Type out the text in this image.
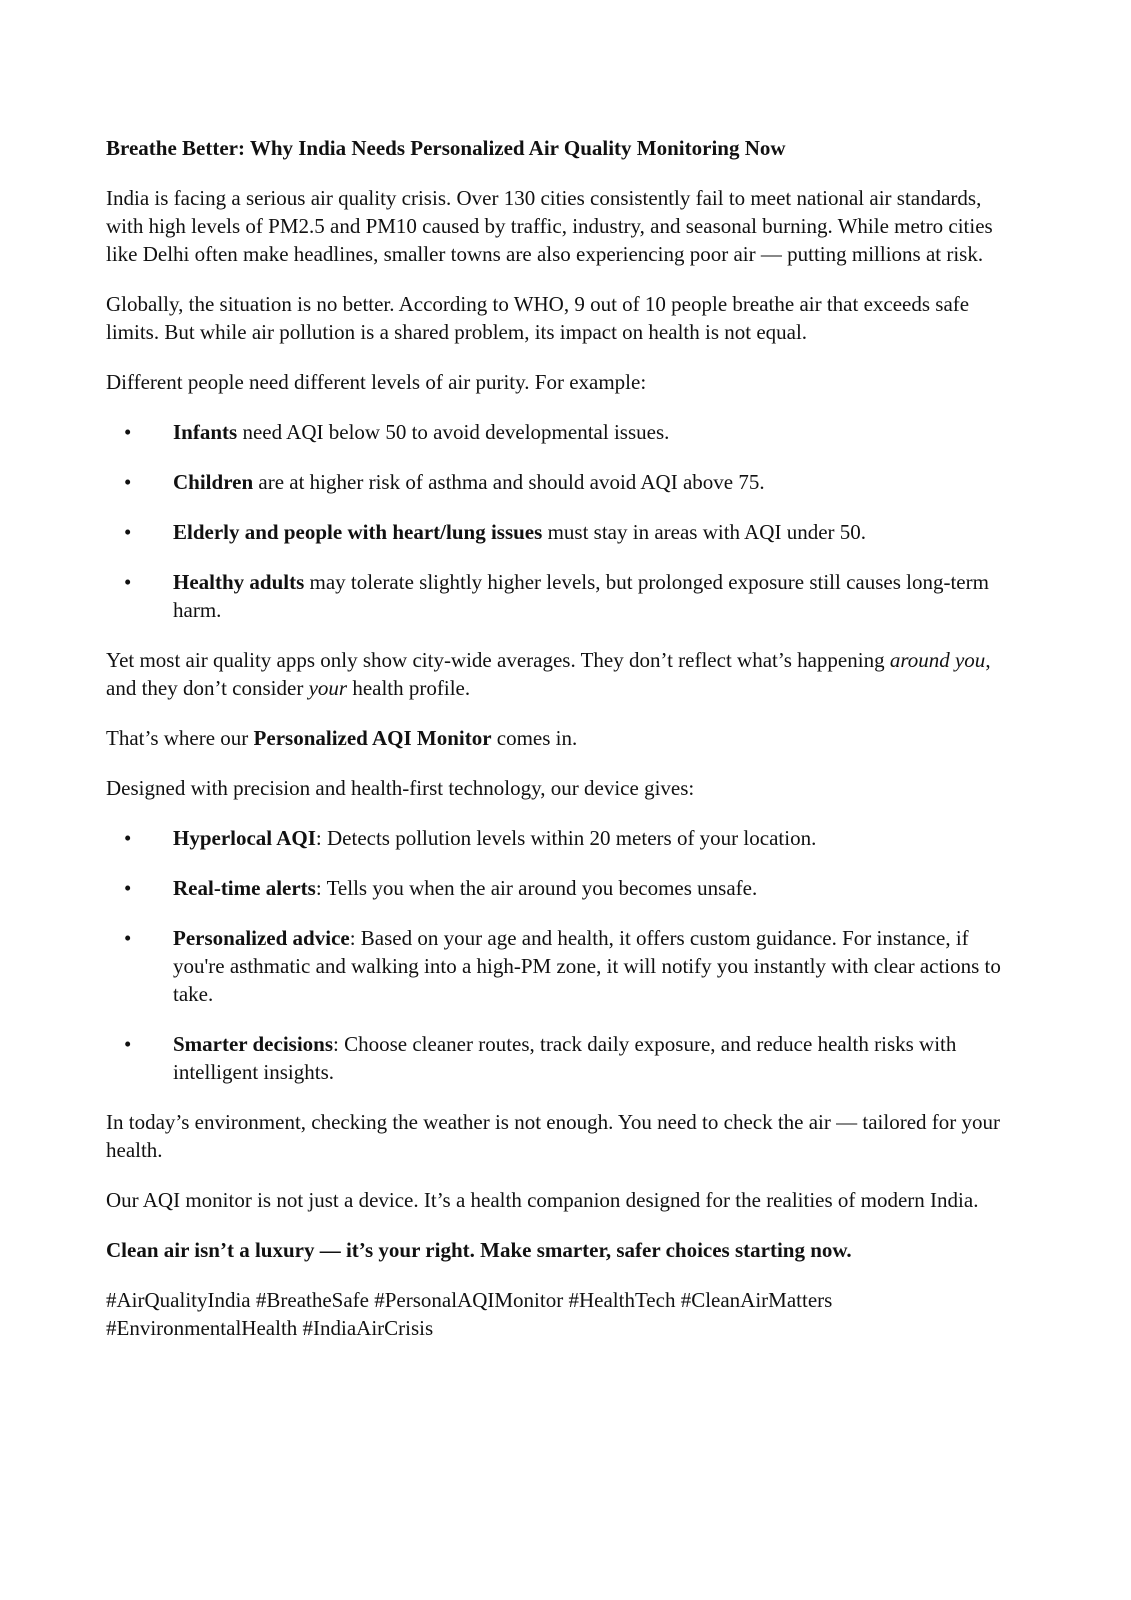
Breathe Better: Why India Needs Personalized Air Quality Monitoring Now

India is facing a serious air quality crisis. Over 130 cities consistently fail to meet national air standards, with high levels of PM2.5 and PM10 caused by traffic, industry, and seasonal burning. While metro cities like Delhi often make headlines, smaller towns are also experiencing poor air — putting millions at risk.

Globally, the situation is no better. According to WHO, 9 out of 10 people breathe air that exceeds safe limits. But while air pollution is a shared problem, its impact on health is not equal.

Different people need different levels of air purity. For example:

• Infants need AQI below 50 to avoid developmental issues.
• Children are at higher risk of asthma and should avoid AQI above 75.
• Elderly and people with heart/lung issues must stay in areas with AQI under 50.
• Healthy adults may tolerate slightly higher levels, but prolonged exposure still causes long-term harm.

Yet most air quality apps only show city-wide averages. They don’t reflect what’s happening around you, and they don’t consider your health profile.

That’s where our Personalized AQI Monitor comes in.

Designed with precision and health-first technology, our device gives:

• Hyperlocal AQI: Detects pollution levels within 20 meters of your location.
• Real-time alerts: Tells you when the air around you becomes unsafe.
• Personalized advice: Based on your age and health, it offers custom guidance. For instance, if you're asthmatic and walking into a high-PM zone, it will notify you instantly with clear actions to take.
• Smarter decisions: Choose cleaner routes, track daily exposure, and reduce health risks with intelligent insights.

In today’s environment, checking the weather is not enough. You need to check the air — tailored for your health.

Our AQI monitor is not just a device. It’s a health companion designed for the realities of modern India.

Clean air isn’t a luxury — it’s your right. Make smarter, safer choices starting now.

#AirQualityIndia #BreatheSafe #PersonalAQIMonitor #HealthTech #CleanAirMatters #EnvironmentalHealth #IndiaAirCrisis
